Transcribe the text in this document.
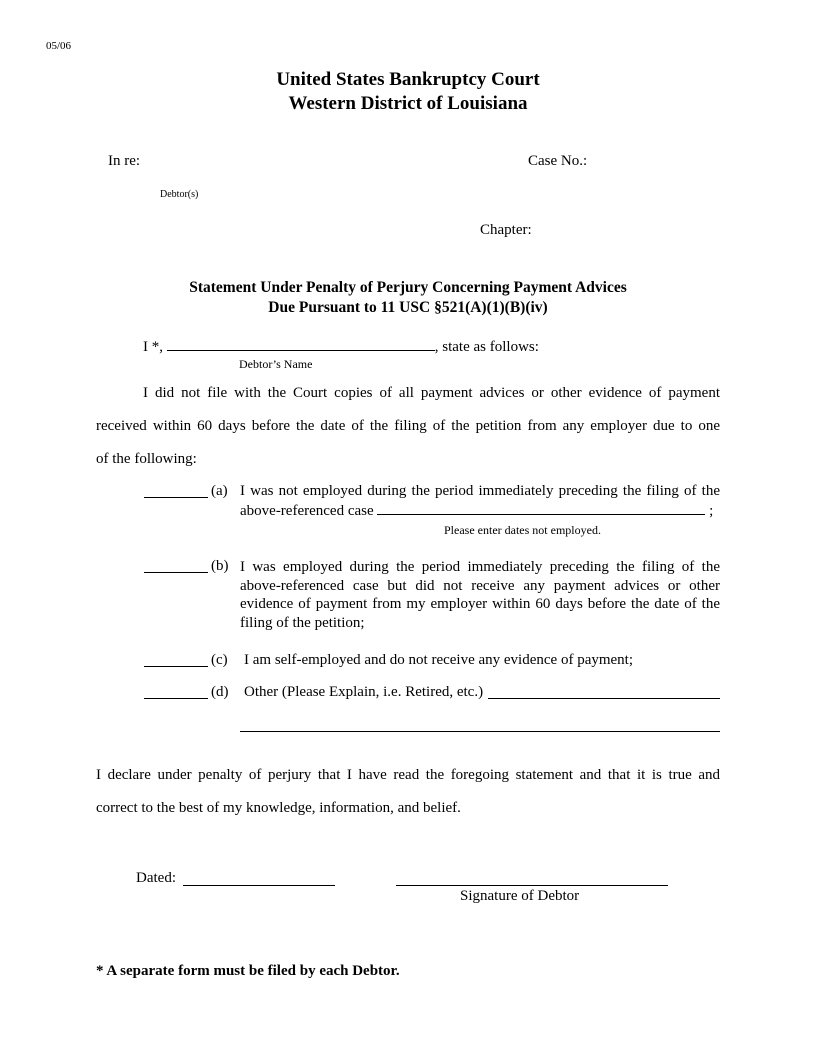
05/06
United States Bankruptcy Court
Western District of Louisiana
In re:	Case No.:
Debtor(s)
Chapter:
Statement Under Penalty of Perjury Concerning Payment Advices
Due Pursuant to 11 USC §521(A)(1)(B)(iv)
I *,	, state as follows:
Debtor’s Name
I did not file with the Court copies of all payment advices or other evidence of payment
received within 60 days before the date of the filing of the petition from any employer due to one
of the following:
(a) I was not employed during the period immediately preceding the filing of the
above-referenced case	;
Please enter dates not employed.
(b) I was employed during the period immediately preceding the filing of the above-referenced case but did not receive any payment advices or other evidence of payment from my employer within 60 days before the date of the filing of the petition;
(c) I am self-employed and do not receive any evidence of payment;
(d) Other (Please Explain, i.e. Retired, etc.)
I declare under penalty of perjury that I have read the foregoing statement and that it is true and
correct to the best of my knowledge, information, and belief.
Dated:
Signature of Debtor
* A separate form must be filed by each Debtor.
